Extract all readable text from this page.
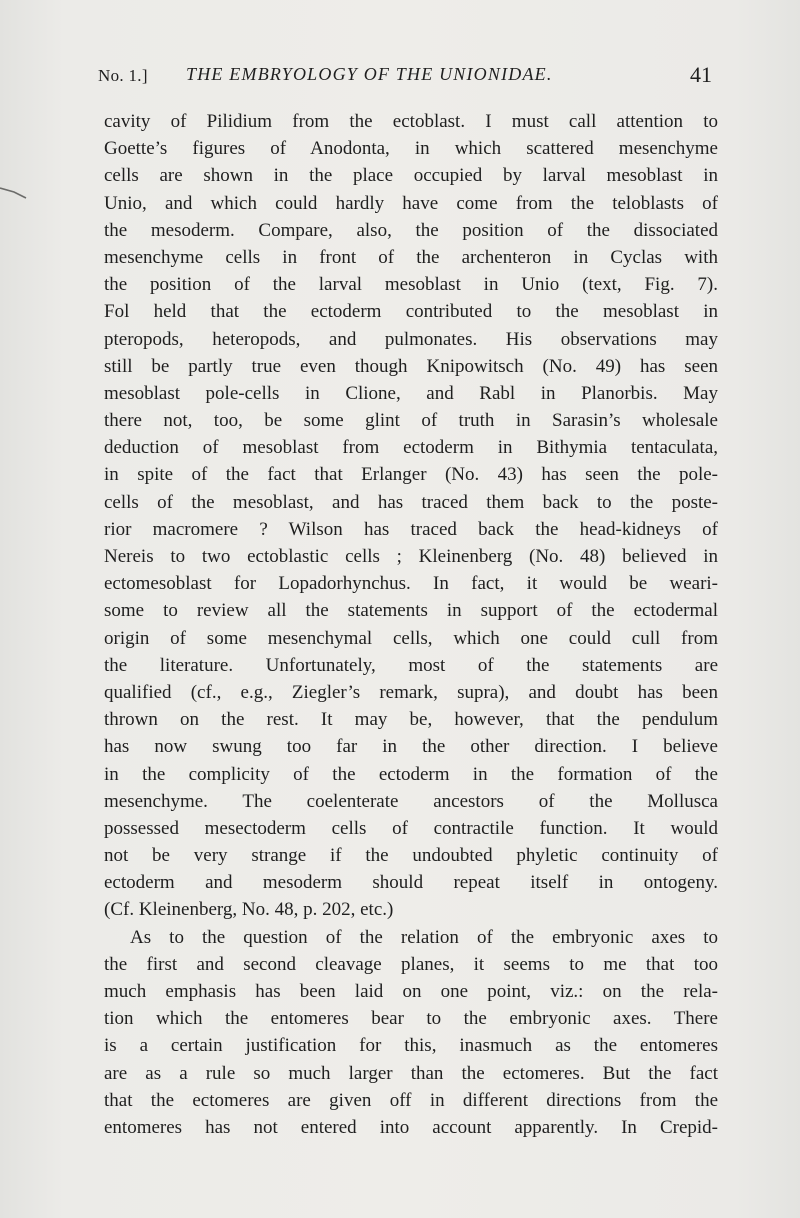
No. 1.] THE EMBRYOLOGY OF THE UNIONIDAE.	41
cavity of Pilidium from the ectoblast. I must call attention to
Goette’s figures of Anodonta, in which scattered mesenchyme
cells are shown in the place occupied by larval mesoblast in
Unio, and which could hardly have come from the teloblasts of
the mesoderm. Compare, also, the position of the dissociated
mesenchyme cells in front of the archenteron in Cyclas with
the position of the larval mesoblast in Unio (text, Fig. 7).
Fol held that the ectoderm contributed to the mesoblast in
pteropods, heteropods, and pulmonates. His observations may
still be partly true even though Knipowitsch (No. 49) has seen
mesoblast pole-cells in Clione, and Rabl in Planorbis. May
there not, too, be some glint of truth in Sarasin’s wholesale
deduction of mesoblast from ectoderm in Bithymia tentaculata,
in spite of the fact that Erlanger (No. 43) has seen the pole-
cells of the mesoblast, and has traced them back to the poste-
rior macromere ? Wilson has traced back the head-kidneys of
Nereis to two ectoblastic cells ; Kleinenberg (No. 48) believed in
ectomesoblast for Lopadorhynchus. In fact, it would be weari-
some to review all the statements in support of the ectodermal
origin of some mesenchymal cells, which one could cull from
the literature. Unfortunately, most of the statements are
qualified (cf., e.g., Ziegler’s remark, supra), and doubt has been
thrown on the rest. It may be, however, that the pendulum
has now swung too far in the other direction. I believe
in the complicity of the ectoderm in the formation of the
mesenchyme. The coelenterate ancestors of the Mollusca
possessed mesectoderm cells of contractile function. It would
not be very strange if the undoubted phyletic continuity of
ectoderm and mesoderm should repeat itself in ontogeny.
(Cf. Kleinenberg, No. 48, p. 202, etc.)
As to the question of the relation of the embryonic axes to
the first and second cleavage planes, it seems to me that too
much emphasis has been laid on one point, viz.: on the rela-
tion which the entomeres bear to the embryonic axes. There
is a certain justification for this, inasmuch as the entomeres
are as a rule so much larger than the ectomeres. But the fact
that the ectomeres are given off in different directions from the
entomeres has not entered into account apparently. In Crepid-
